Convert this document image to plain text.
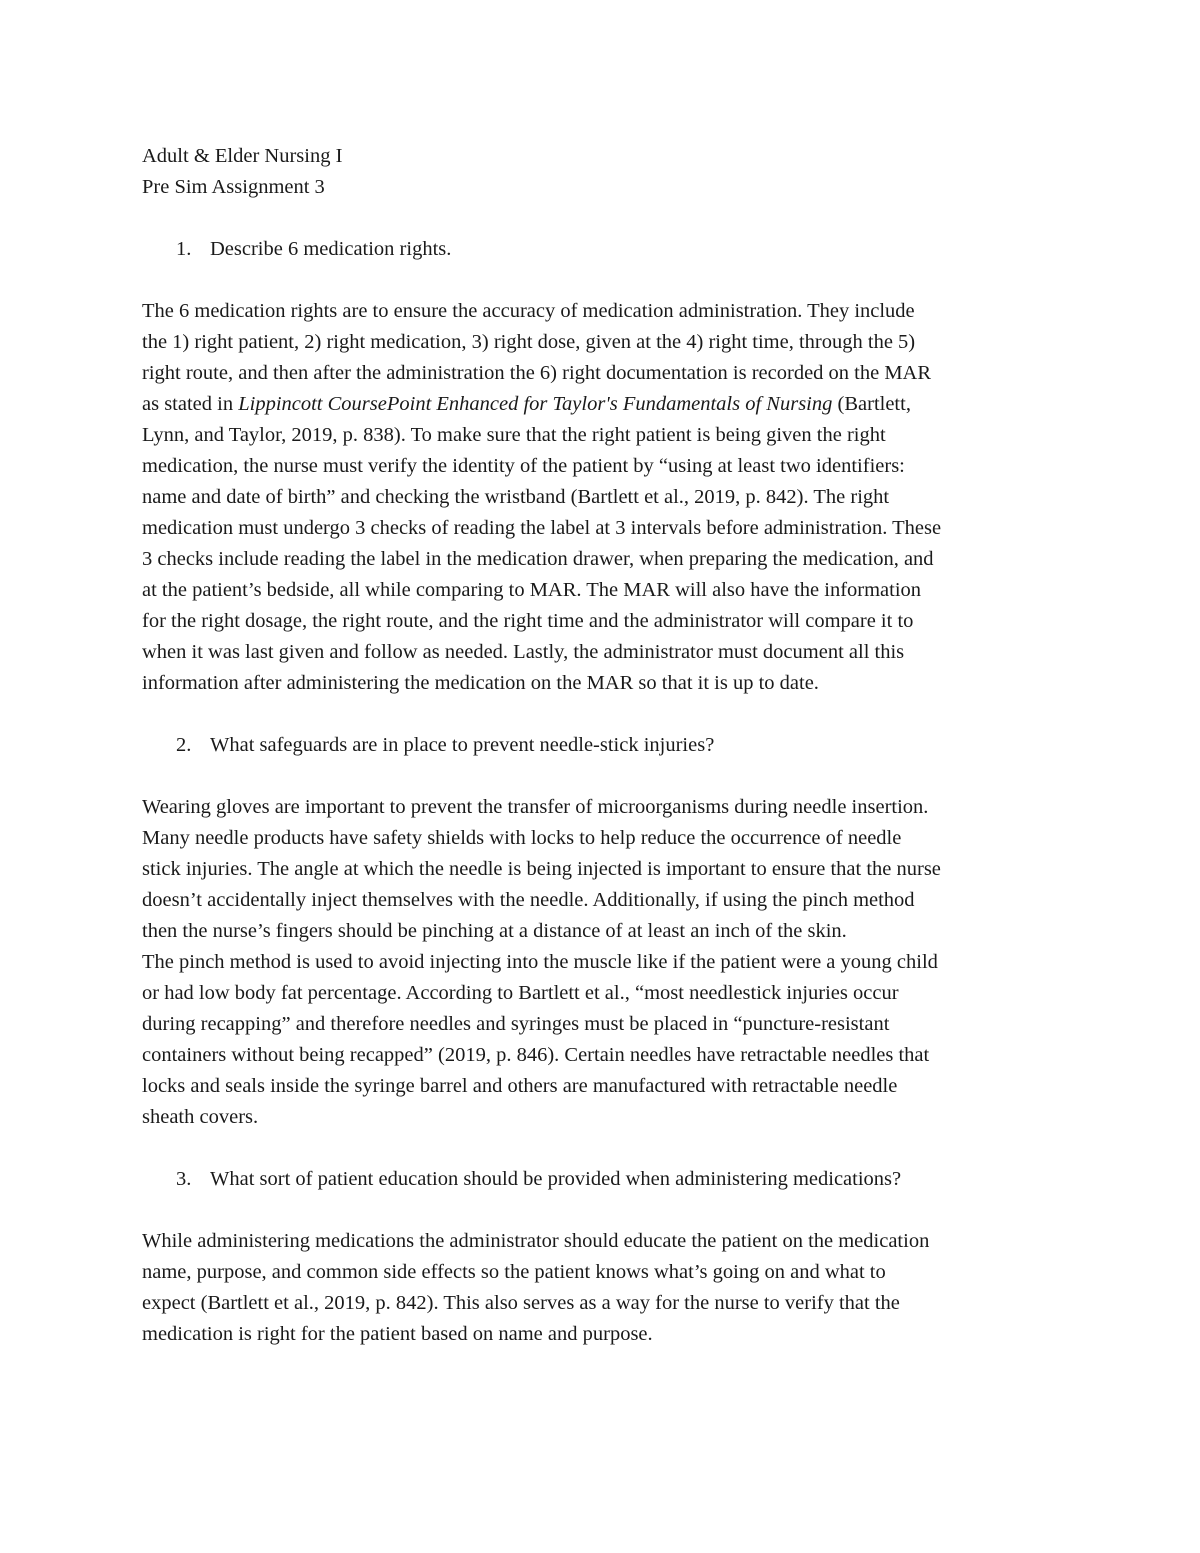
Adult & Elder Nursing I
Pre Sim Assignment 3
1. Describe 6 medication rights.
The 6 medication rights are to ensure the accuracy of medication administration. They include
the 1) right patient, 2) right medication, 3) right dose, given at the 4) right time, through the 5)
right route, and then after the administration the 6) right documentation is recorded on the MAR
as stated in Lippincott CoursePoint Enhanced for Taylor's Fundamentals of Nursing (Bartlett,
Lynn, and Taylor, 2019, p. 838). To make sure that the right patient is being given the right
medication, the nurse must verify the identity of the patient by “using at least two identifiers:
name and date of birth” and checking the wristband (Bartlett et al., 2019, p. 842). The right
medication must undergo 3 checks of reading the label at 3 intervals before administration. These
3 checks include reading the label in the medication drawer, when preparing the medication, and
at the patient’s bedside, all while comparing to MAR. The MAR will also have the information
for the right dosage, the right route, and the right time and the administrator will compare it to
when it was last given and follow as needed. Lastly, the administrator must document all this
information after administering the medication on the MAR so that it is up to date.
2. What safeguards are in place to prevent needle-stick injuries?
Wearing gloves are important to prevent the transfer of microorganisms during needle insertion.
Many needle products have safety shields with locks to help reduce the occurrence of needle
stick injuries. The angle at which the needle is being injected is important to ensure that the nurse
doesn’t accidentally inject themselves with the needle. Additionally, if using the pinch method
then the nurse’s fingers should be pinching at a distance of at least an inch of the skin.
The pinch method is used to avoid injecting into the muscle like if the patient were a young child
or had low body fat percentage. According to Bartlett et al., “most needlestick injuries occur
during recapping” and therefore needles and syringes must be placed in “puncture-resistant
containers without being recapped” (2019, p. 846). Certain needles have retractable needles that
locks and seals inside the syringe barrel and others are manufactured with retractable needle
sheath covers.
3. What sort of patient education should be provided when administering medications?
While administering medications the administrator should educate the patient on the medication
name, purpose, and common side effects so the patient knows what’s going on and what to
expect (Bartlett et al., 2019, p. 842). This also serves as a way for the nurse to verify that the
medication is right for the patient based on name and purpose.
